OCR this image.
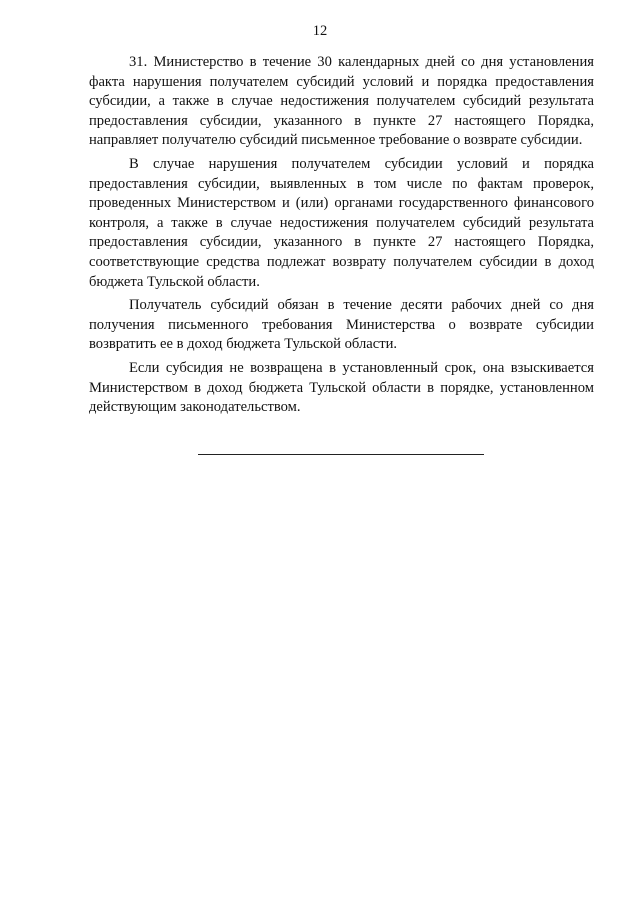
12

31. Министерство в течение 30 календарных дней со дня установления факта нарушения получателем субсидий условий и порядка предоставления субсидии, а также в случае недостижения получателем субсидий результата предоставления субсидии, указанного в пункте 27 настоящего Порядка, направляет получателю субсидий письменное требование о возврате субсидии.

В случае нарушения получателем субсидии условий и порядка предоставления субсидии, выявленных в том числе по фактам проверок, проведенных Министерством и (или) органами государственного финансового контроля, а также в случае недостижения получателем субсидий результата предоставления субсидии, указанного в пункте 27 настоящего Порядка, соответствующие средства подлежат возврату получателем субсидии в доход бюджета Тульской области.

Получатель субсидий обязан в течение десяти рабочих дней со дня получения письменного требования Министерства о возврате субсидии возвратить ее в доход бюджета Тульской области.

Если субсидия не возвращена в установленный срок, она взыскивается Министерством в доход бюджета Тульской области в порядке, установленном действующим законодательством.
